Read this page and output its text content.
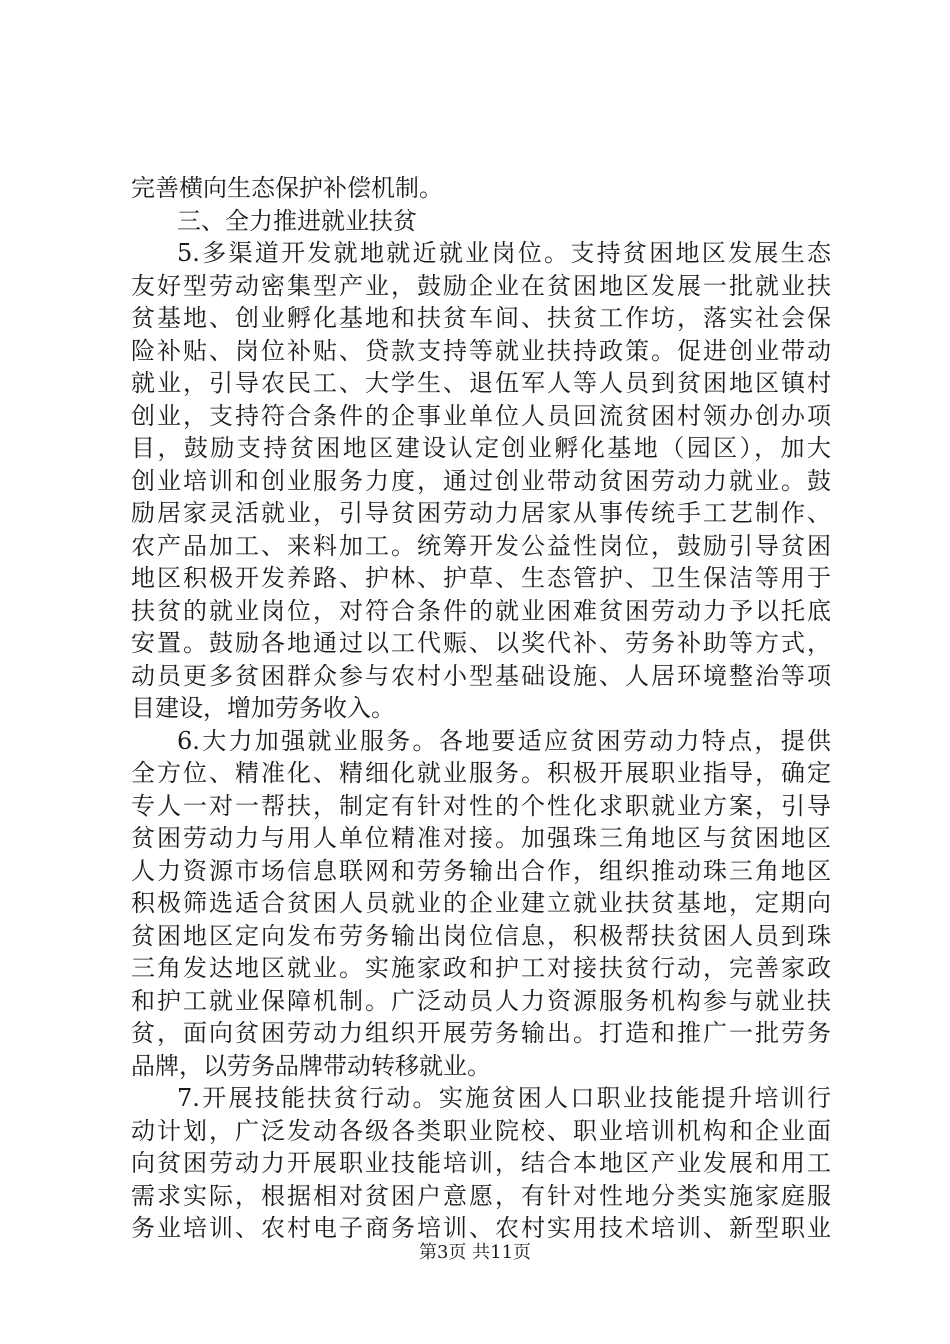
完善横向生态保护补偿机制。
三、全力推进就业扶贫
5.多渠道开发就地就近就业岗位。支持贫困地区发展生态
友好型劳动密集型产业，鼓励企业在贫困地区发展一批就业扶
贫基地、创业孵化基地和扶贫车间、扶贫工作坊，落实社会保
险补贴、岗位补贴、贷款支持等就业扶持政策。促进创业带动
就业，引导农民工、大学生、退伍军人等人员到贫困地区镇村
创业，支持符合条件的企事业单位人员回流贫困村领办创办项
目，鼓励支持贫困地区建设认定创业孵化基地（园区），加大
创业培训和创业服务力度，通过创业带动贫困劳动力就业。鼓
励居家灵活就业，引导贫困劳动力居家从事传统手工艺制作、
农产品加工、来料加工。统筹开发公益性岗位，鼓励引导贫困
地区积极开发养路、护林、护草、生态管护、卫生保洁等用于
扶贫的就业岗位，对符合条件的就业困难贫困劳动力予以托底
安置。鼓励各地通过以工代赈、以奖代补、劳务补助等方式，
动员更多贫困群众参与农村小型基础设施、人居环境整治等项
目建设，增加劳务收入。
6.大力加强就业服务。各地要适应贫困劳动力特点，提供
全方位、精准化、精细化就业服务。积极开展职业指导，确定
专人一对一帮扶，制定有针对性的个性化求职就业方案，引导
贫困劳动力与用人单位精准对接。加强珠三角地区与贫困地区
人力资源市场信息联网和劳务输出合作，组织推动珠三角地区
积极筛选适合贫困人员就业的企业建立就业扶贫基地，定期向
贫困地区定向发布劳务输出岗位信息，积极帮扶贫困人员到珠
三角发达地区就业。实施家政和护工对接扶贫行动，完善家政
和护工就业保障机制。广泛动员人力资源服务机构参与就业扶
贫，面向贫困劳动力组织开展劳务输出。打造和推广一批劳务
品牌，以劳务品牌带动转移就业。
7.开展技能扶贫行动。实施贫困人口职业技能提升培训行
动计划，广泛发动各级各类职业院校、职业培训机构和企业面
向贫困劳动力开展职业技能培训，结合本地区产业发展和用工
需求实际，根据相对贫困户意愿，有针对性地分类实施家庭服
务业培训、农村电子商务培训、农村实用技术培训、新型职业
第3页 共11页
